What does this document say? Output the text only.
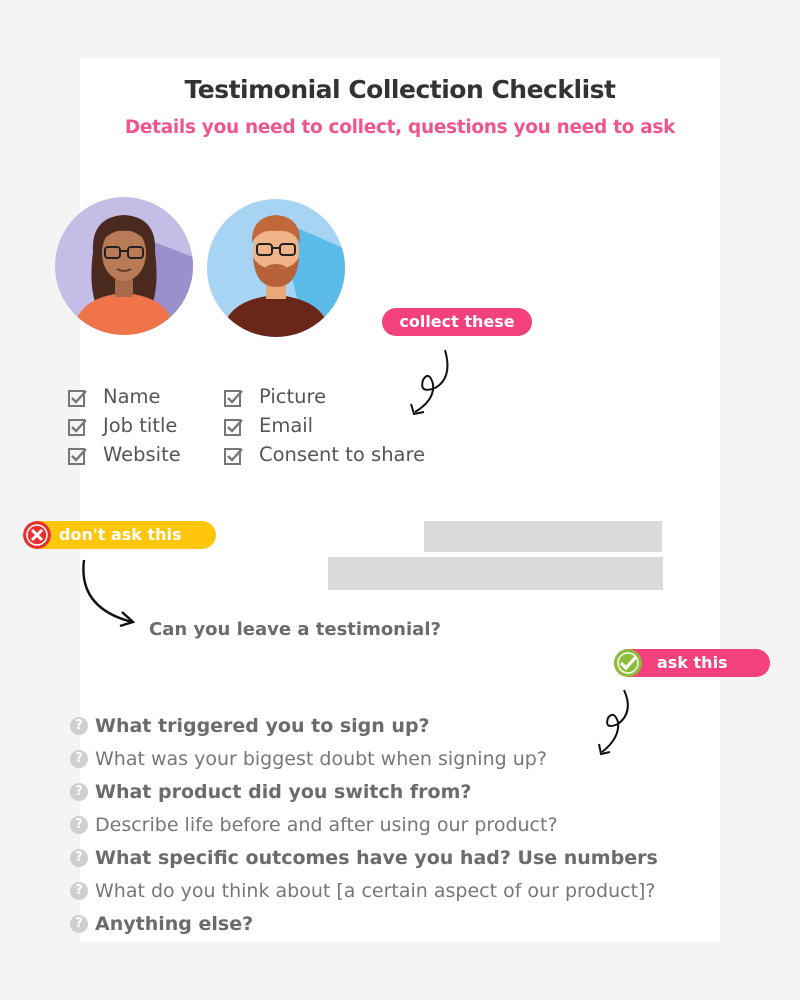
Testimonial Collection Checklist
Details you need to collect, questions you need to ask
collect these
Name
Job title
Website
Picture
Email
Consent to share
don't ask this
Can you leave a testimonial?
ask this
? What triggered you to sign up?
? What was your biggest doubt when signing up?
? What product did you switch from?
? Describe life before and after using our product?
? What specific outcomes have you had? Use numbers
? What do you think about [a certain aspect of our product]?
? Anything else?
